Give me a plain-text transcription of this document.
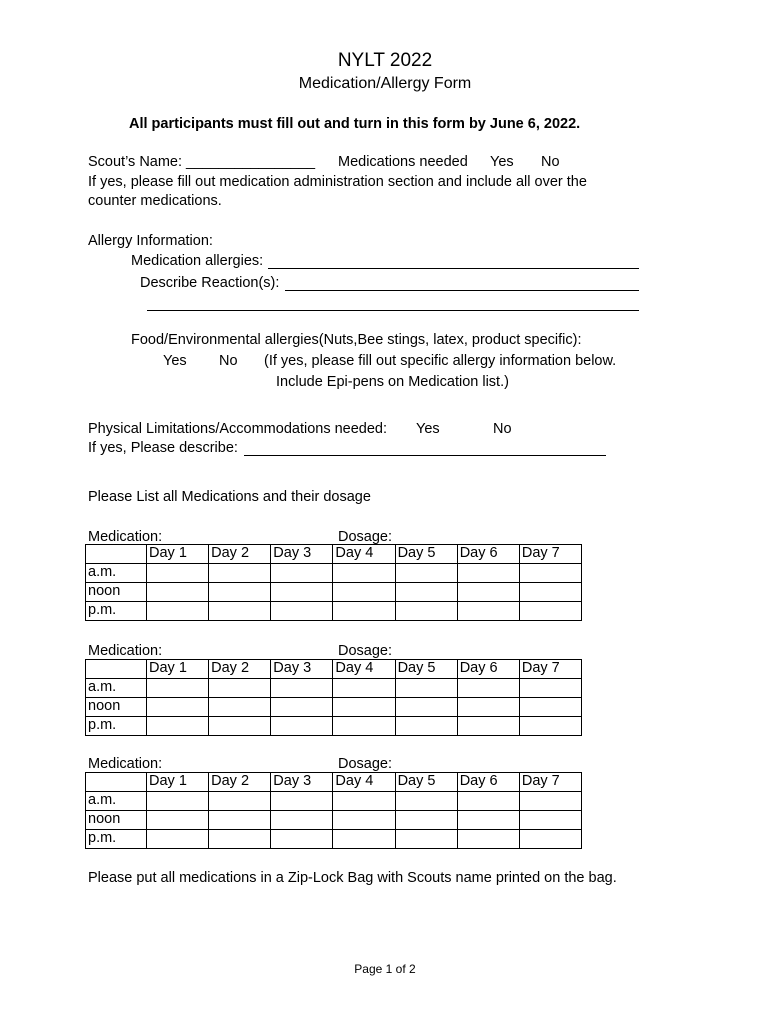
NYLT 2022
Medication/Allergy Form
All participants must fill out and turn in this form by June 6, 2022.
Scout’s Name: ________________ Medications needed Yes No
If yes, please fill out medication administration section and include all over the
counter medications.
Allergy Information:
Medication allergies:
Describe Reaction(s):
Food/Environmental allergies(Nuts,Bee stings, latex, product specific):
Yes No (If yes, please fill out specific allergy information below.
Include Epi-pens on Medication list.)
Physical Limitations/Accommodations needed: Yes	No
If yes, Please describe:
Please List all Medications and their dosage
Medication:	Dosage:
	Day 1	Day 2	Day 3	Day 4	Day 5	Day 6	Day 7
a.m.							
noon							
p.m.							
Medication:	Dosage:
	Day 1	Day 2	Day 3	Day 4	Day 5	Day 6	Day 7
a.m.							
noon							
p.m.							
Medication:	Dosage:
	Day 1	Day 2	Day 3	Day 4	Day 5	Day 6	Day 7
a.m.							
noon							
p.m.							
Please put all medications in a Zip-Lock Bag with Scouts name printed on the bag.
Page 1 of 2
